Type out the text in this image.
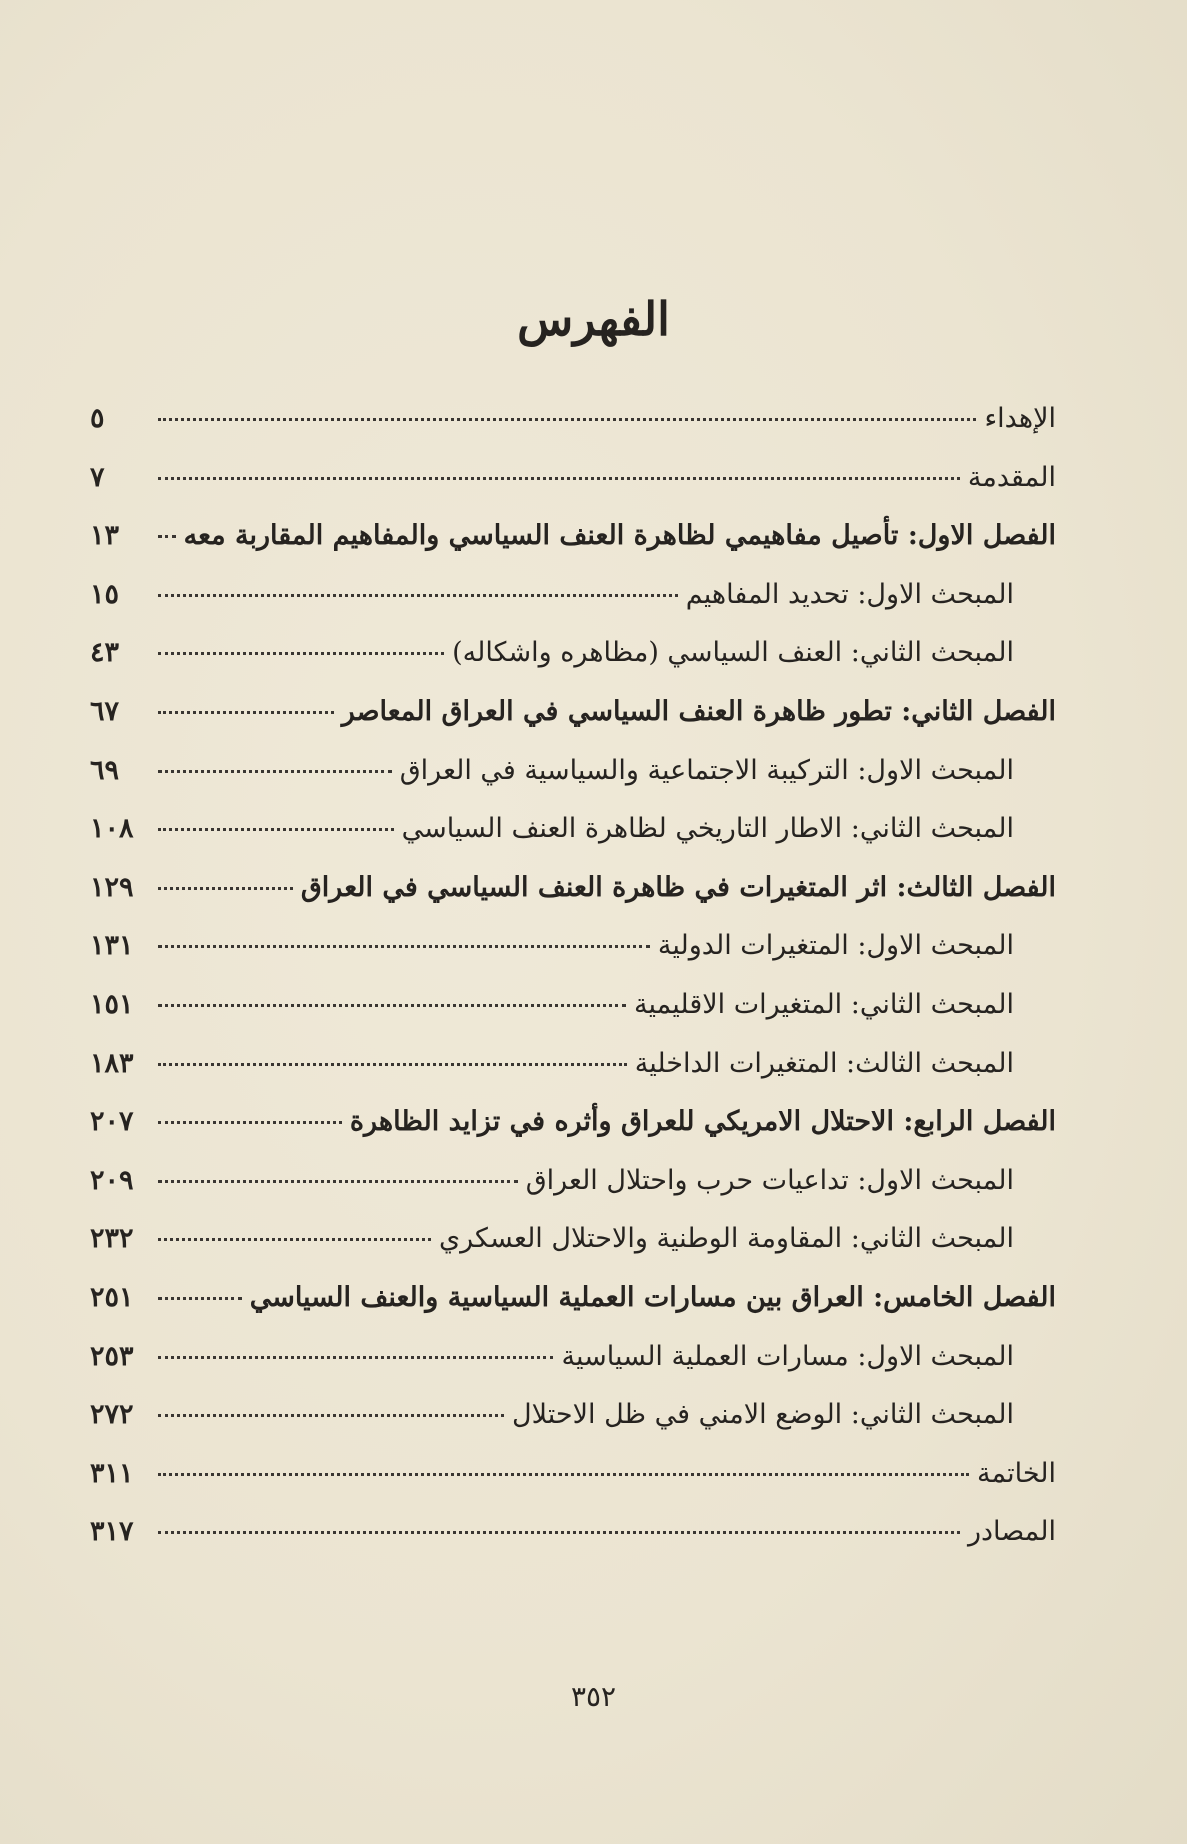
الفهرس
الإهداء
٥
المقدمة
٧
الفصل الاول: تأصيل مفاهيمي لظاهرة العنف السياسي والمفاهيم المقاربة معه
١٣
المبحث الاول: تحديد المفاهيم
١٥
المبحث الثاني: العنف السياسي (مظاهره واشكاله)
٤٣
الفصل الثاني: تطور ظاهرة العنف السياسي في العراق المعاصر
٦٧
المبحث الاول: التركيبة الاجتماعية والسياسية في العراق
٦٩
المبحث الثاني: الاطار التاريخي لظاهرة العنف السياسي
١٠٨
الفصل الثالث: اثر المتغيرات في ظاهرة العنف السياسي في العراق
١٢٩
المبحث الاول: المتغيرات الدولية
١٣١
المبحث الثاني: المتغيرات الاقليمية
١٥١
المبحث الثالث: المتغيرات الداخلية
١٨٣
الفصل الرابع: الاحتلال الامريكي للعراق وأثره في تزايد الظاهرة
٢٠٧
المبحث الاول: تداعيات حرب واحتلال العراق
٢٠٩
المبحث الثاني: المقاومة الوطنية والاحتلال العسكري
٢٣٢
الفصل الخامس: العراق بين مسارات العملية السياسية والعنف السياسي
٢٥١
المبحث الاول: مسارات العملية السياسية
٢٥٣
المبحث الثاني: الوضع الامني في ظل الاحتلال
٢٧٢
الخاتمة
٣١١
المصادر
٣١٧
٣٥٢
